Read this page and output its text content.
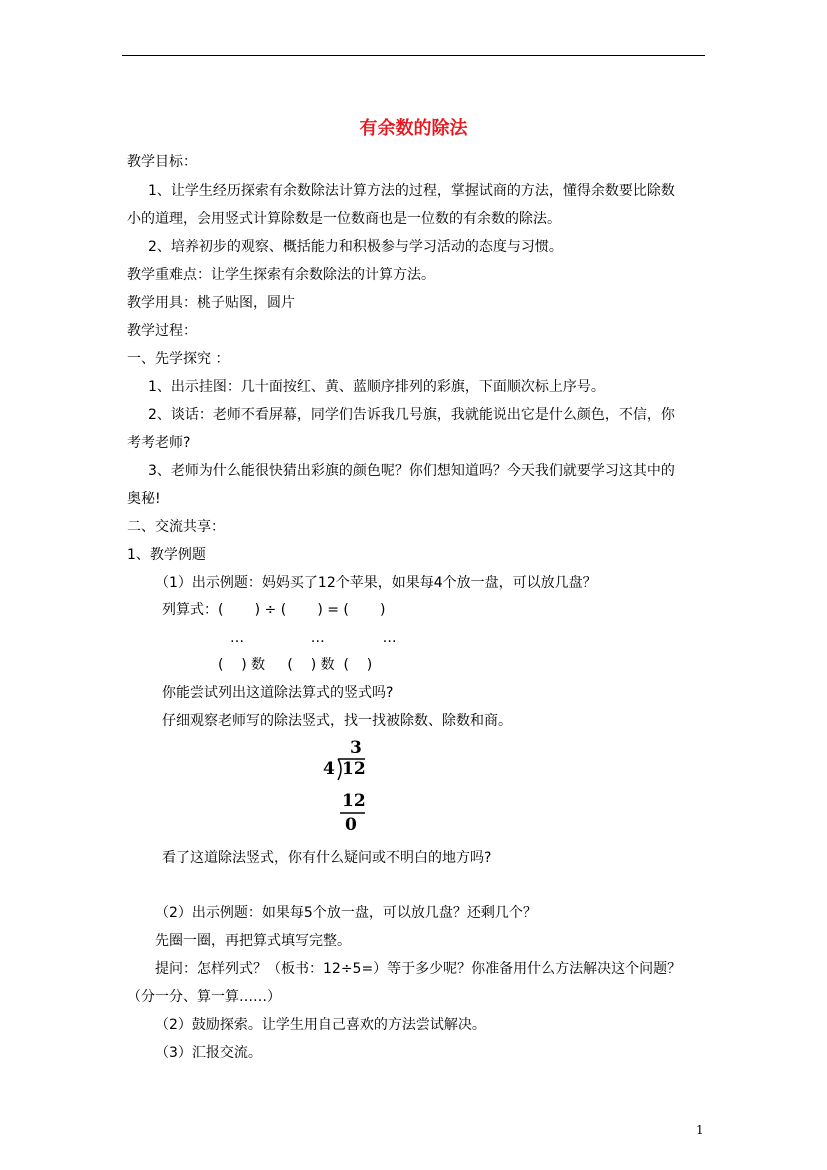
有余数的除法
教学目标：
1、让学生经历探索有余数除法计算方法的过程，掌握试商的方法，懂得余数要比除数
小的道理，会用竖式计算除数是一位数商也是一位数的有余数的除法。
2、培养初步的观察、概括能力和积极参与学习活动的态度与习惯。
教学重难点：让学生探索有余数除法的计算方法。
教学用具：桃子贴图，圆片
教学过程：
一、先学探究 ：
1、出示挂图：几十面按红、黄、蓝顺序排列的彩旗，下面顺次标上序号。
2、谈话：老师不看屏幕，同学们告诉我几号旗，我就能说出它是什么颜色，不信，你
考考老师?
3、老师为什么能很快猜出彩旗的颜色呢？你们想知道吗？今天我们就要学习这其中的
奥秘!
二、交流共享：
1、教学例题
（1）出示例题：妈妈买了12个苹果，如果每4个放一盘，可以放几盘？
列算式：(       ) ÷ (       ) = (       )
…               …             …
(    ) 数     (    ) 数  (    )
你能尝试列出这道除法算式的竖式吗?
仔细观察老师写的除法竖式，找一找被除数、除数和商。
看了这道除法竖式，你有什么疑问或不明白的地方吗?
（2）出示例题：如果每5个放一盘，可以放几盘？还剩几个？
先圈一圈，再把算式填写完整。
提问：怎样列式？（板书：12÷5=）等于多少呢？你准备用什么方法解决这个问题？
（分一分、算一算……）
（2）鼓励探索。让学生用自己喜欢的方法尝试解决。
（3）汇报交流。
3
4 12
12
0
1
